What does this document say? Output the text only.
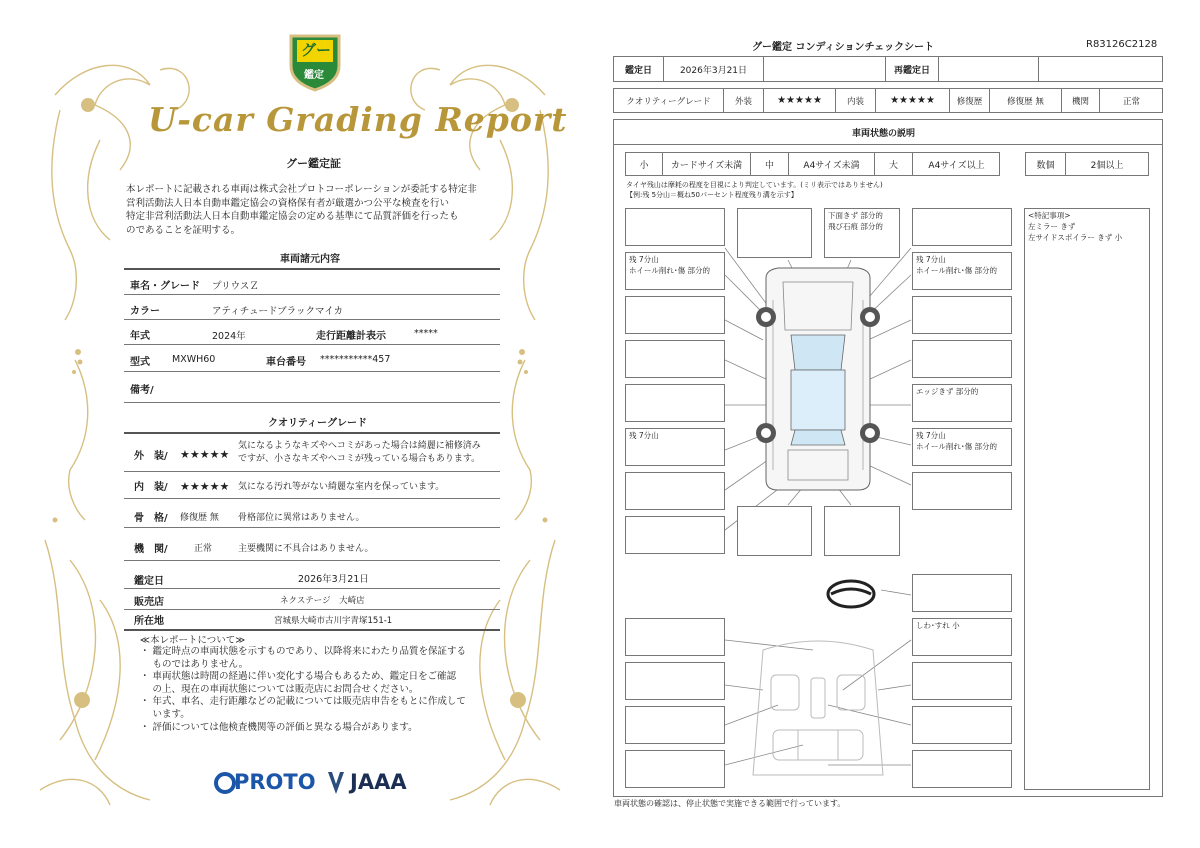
グー
鑑定
U-car Grading Report
グー鑑定証
本レポートに記載される車両は株式会社プロトコーポレーションが委託する特定非
営利活動法人日本自動車鑑定協会の資格保有者が厳選かつ公平な検査を行い
特定非営利活動法人日本自動車鑑定協会の定める基準にて品質評価を行ったも
のであることを証明する。
車両諸元内容
車名・グレード プリウスＺ
カラー	アティチュードブラックマイカ
年式	2024年	走行距離計表示	*****
型式 MXWH60	車台番号 ***********457
備考/
クオリティーグレード
外　装/ ★★★★★
気になるようなキズやヘコミがあった場合は綺麗に補修済み
ですが、小さなキズやヘコミが残っている場合もあります。
内　装/ ★★★★★ 気になる汚れ等がない綺麗な室内を保っています。
骨　格/ 修復歴 無 骨格部位に異常はありません。
機　関/	正常	主要機関に不具合はありません。
鑑定日	2026年3月21日
販売店	ネクステージ　大崎店
所在地	宮城県大崎市古川宇青塚151-1
≪本レポートについて≫
・ 鑑定時点の車両状態を示すものであり、以降将来にわたり品質を保証する
　 ものではありません。
・ 車両状態は時間の経過に伴い変化する場合もあるため、鑑定日をご確認
　 の上、現在の車両状態については販売店にお問合せください。
・ 年式、車名、走行距離などの記載については販売店申告をもとに作成して
　 います。
・ 評価については他検査機関等の評価と異なる場合があります。
PROTO JAAA
グー鑑定 コンディションチェックシート	R83126C2128
鑑定日	2026年3月21日	再鑑定日
クオリティーグレード	外装	★★★★★	内装	★★★★★	修復歴	修復歴 無	機関	正常
車両状態の説明
小	カードサイズ未満	中	A4サイズ未満	大	A4サイズ以上	数個	2個以上
タイヤ残山は摩耗の程度を目視により判定しています。(ミリ表示ではありません)
【例:残 5分山＝概ね50パーセント程度残り溝を示す】
<特記事項>
左ミラー きず
左サイドスポイラー きず 小
残 7分山
ホイール削れ･傷 部分的
残 7分山
下面きず 部分的
飛び石痕 部分的
残 7分山
ホイール削れ･傷 部分的
エッジきず 部分的
残 7分山
ホイール削れ･傷 部分的
しわ･すれ 小
車両状態の確認は、停止状態で実施できる範囲で行っています。
